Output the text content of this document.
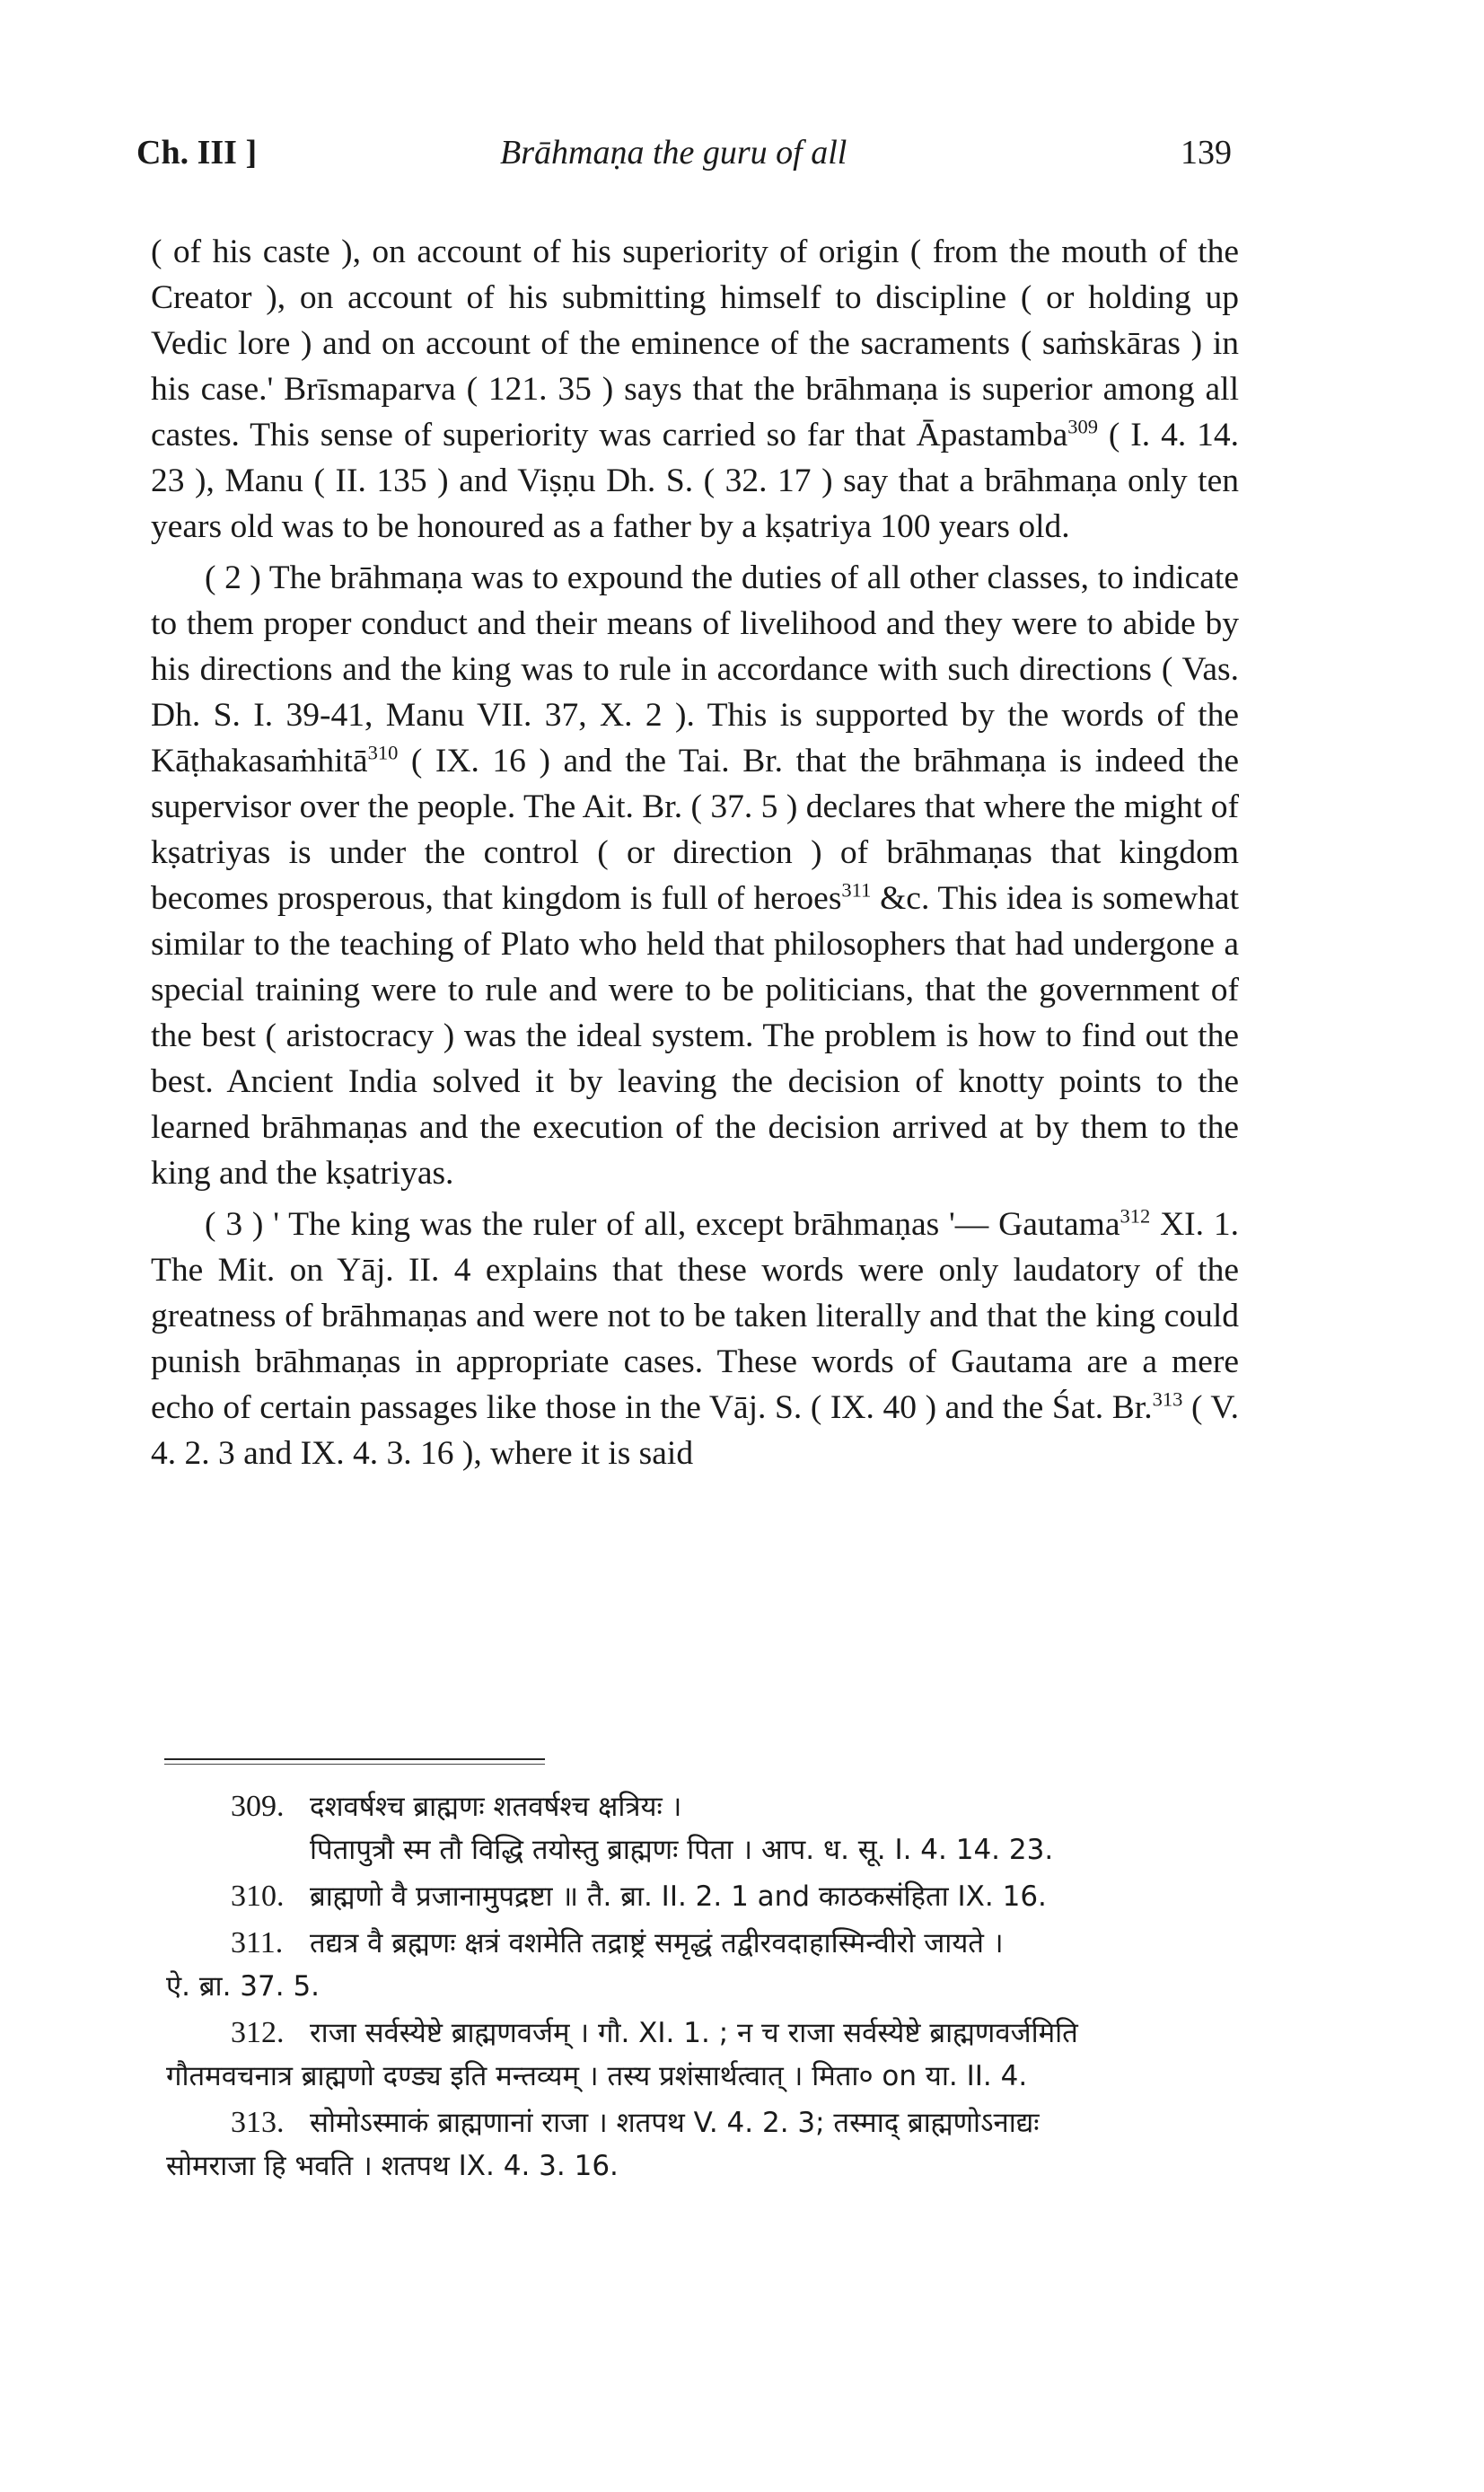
Ch. III ]	Brāhmaṇa the guru of all	139

( of his caste ), on account of his superiority of origin ( from the mouth of the Creator ), on account of his submitting himself to discipline ( or holding up Vedic lore ) and on account of the eminence of the sacraments ( saṁskāras ) in his case.' Brīsmaparva ( 121. 35 ) says that the brāhmaṇa is superior among all castes. This sense of superiority was carried so far that Āpastamba$^{309}$ ( I. 4. 14. 23 ), Manu ( II. 135 ) and Viṣṇu Dh. S. ( 32. 17 ) say that a brāhmaṇa only ten years old was to be honoured as a father by a kṣatriya 100 years old.

( 2 ) The brāhmaṇa was to expound the duties of all other classes, to indicate to them proper conduct and their means of livelihood and they were to abide by his directions and the king was to rule in accordance with such directions ( Vas. Dh. S. I. 39-41, Manu VII. 37, X. 2 ). This is supported by the words of the Kāṭhakasaṁhitā$^{310}$ ( IX. 16 ) and the Tai. Br. that the brāhmaṇa is indeed the supervisor over the people. The Ait. Br. ( 37. 5 ) declares that where the might of kṣatriyas is under the control ( or direction ) of brāhmaṇas that kingdom becomes prosperous, that kingdom is full of heroes$^{311}$ &c. This idea is somewhat similar to the teaching of Plato who held that philosophers that had undergone a special training were to rule and were to be politicians, that the government of the best ( aristocracy ) was the ideal system. The problem is how to find out the best. Ancient India solved it by leaving the decision of knotty points to the learned brāhmaṇas and the execution of the decision arrived at by them to the king and the kṣatriyas.

( 3 ) ' The king was the ruler of all, except brāhmaṇas '— Gautama$^{312}$ XI. 1. The Mit. on Yāj. II. 4 explains that these words were only laudatory of the greatness of brāhmaṇas and were not to be taken literally and that the king could punish brāhmaṇas in appropriate cases. These words of Gautama are a mere echo of certain passages like those in the Vāj. S. ( IX. 40 ) and the Śat. Br.$^{313}$ ( V. 4. 2. 3 and IX. 4. 3. 16 ), where it is said

309. दशवर्षश्च ब्राह्मणः शतवर्षश्च क्षत्रियः ।
पितापुत्रौ स्म तौ विद्धि तयोस्तु ब्राह्मणः पिता । आप. ध. सू. I. 4. 14. 23.
310. ब्राह्मणो वै प्रजानामुपद्रष्टा ॥ तै. ब्रा. II. 2. 1 and काठकसंहिता IX. 16.
311. तद्यत्र वै ब्रह्मणः क्षत्रं वशमेति तद्राष्ट्रं समृद्धं तद्वीरवदाहास्मिन्वीरो जायते ।
ऐ. ब्रा. 37. 5.
312. राजा सर्वस्येष्टे ब्राह्मणवर्जम् । गौ. XI. 1. ; न च राजा सर्वस्येष्टे ब्राह्मणवर्जमिति
गौतमवचनात्र ब्राह्मणो दण्ड्य इति मन्तव्यम् । तस्य प्रशंसार्थत्वात् । मिता० on या. II. 4.
313. सोमोऽस्माकं ब्राह्मणानां राजा । शतपथ V. 4. 2. 3; तस्माद् ब्राह्मणोऽनाद्यः
सोमराजा हि भवति । शतपथ IX. 4. 3. 16.
